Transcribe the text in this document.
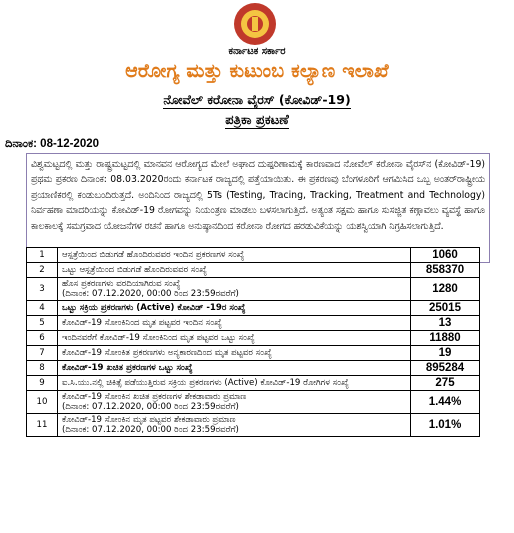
ಕರ್ನಾಟಕ ಸರ್ಕಾರ
ಆರೋಗ್ಯ ಮತ್ತು ಕುಟುಂಬ ಕಲ್ಯಾಣ ಇಲಾಖೆ
ನೋವೆಲ್ ಕರೋನಾ ವೈರಸ್ (ಕೋವಿಡ್-19)
ಪತ್ರಿಕಾ ಪ್ರಕಟಣೆ
ದಿನಾಂಕ: 08-12-2020
ವಿಶ್ವಮಟ್ಟದಲ್ಲಿ ಮತ್ತು ರಾಷ್ಟ್ರಮಟ್ಟದಲ್ಲಿ ಮಾನವನ ಆರೋಗ್ಯದ ಮೇಲೆ ಅಘಾದ ದುಷ್ಪರಿಣಾಮಕ್ಕೆ ಕಾರಣವಾದ ನೋವೆಲ್ ಕರೋನಾ ವೈರಸ್‌ನ (ಕೋವಿಡ್-19) ಪ್ರಥಮ ಪ್ರಕರಣ ದಿನಾಂಕ: 08.03.2020ರಂದು ಕರ್ನಾಟಕ ರಾಜ್ಯದಲ್ಲಿ ಪತ್ತೆಯಾಯಿತು. ಈ ಪ್ರಕರಣವು ಬೆಂಗಳೂರಿಗೆ ಆಗಮಿಸಿದ ಒಬ್ಬ ಅಂತರ್‌ರಾಷ್ಟ್ರೀಯ ಪ್ರಯಾಣಿಕರಲ್ಲಿ ಕಂಡುಬಂದಿರುತ್ತದೆ. ಅಂದಿನಿಂದ ರಾಜ್ಯದಲ್ಲಿ 5Ts (Testing, Tracing, Tracking, Treatment and Technology) ನಿರ್ವಹಣಾ ಮಾದರಿಯನ್ನು ಕೋವಿಡ್-19 ರೋಗವನ್ನು ನಿಯಂತ್ರಣ ಮಾಡಲು ಬಳಸಲಾಗುತ್ತಿದೆ. ಅತ್ಯಂತ ಸಕ್ಷಮ ಹಾಗೂ ಸುಸಜ್ಜಿತ ಕಣ್ಗಾವಲು ವ್ಯವಸ್ಥೆ ಹಾಗೂ ಕಾಲಕಾಲಕ್ಕೆ ಸಮಗ್ರವಾದ ಯೋಜನೆಗಳ ರಚನೆ ಹಾಗೂ ಅನುಷ್ಠಾನದಿಂದ ಕರೋನಾ ರೋಗದ ಹರಡುವಿಕೆಯನ್ನು ಯಶಸ್ವಿಯಾಗಿ ನಿಗ್ರಹಿಸಲಾಗುತ್ತಿದೆ.
1	ಆಸ್ಪತ್ರೆಯಿಂದ ಬಿಡುಗಡೆ ಹೊಂದಿರುವವರ ಇಂದಿನ ಪ್ರಕರಣಗಳ ಸಂಖ್ಯೆ	1060
2	ಒಟ್ಟು ಆಸ್ಪತ್ರೆಯಿಂದ ಬಿಡುಗಡೆ ಹೊಂದಿರುವವರ ಸಂಖ್ಯೆ	858370
3	ಹೊಸ ಪ್ರಕರಣಗಳು ವರದಿಯಾಗಿರುವ ಸಂಖ್ಯೆ
(ದಿನಾಂಕ: 07.12.2020, 00:00 ರಿಂದ 23:59ರವರೆಗೆ)	1280
4	ಒಟ್ಟು ಸಕ್ರಿಯ ಪ್ರಕರಣಗಳು (Active) ಕೋವಿಡ್ -19ರ ಸಂಖ್ಯೆ	25015
5	ಕೋವಿಡ್-19 ಸೋಂಕಿನಿಂದ ಮೃತ ಪಟ್ಟವರ ಇಂದಿನ ಸಂಖ್ಯೆ	13
6	ಇಂದಿನವರೆಗೆ ಕೋವಿಡ್-19 ಸೋಂಕಿನಿಂದ ಮೃತ ಪಟ್ಟವರ ಒಟ್ಟು ಸಂಖ್ಯೆ	11880
7	ಕೋವಿಡ್-19 ಸೋಂಕಿತ ಪ್ರಕರಣಗಳು ಅನ್ಯಕಾರಣದಿಂದ ಮೃತ ಪಟ್ಟವರ ಸಂಖ್ಯೆ	19
8	ಕೋವಿಡ್-19 ಖಚಿತ ಪ್ರಕರಣಗಳ ಒಟ್ಟು ಸಂಖ್ಯೆ	895284
9	ಐ.ಸಿ.ಯು.ನಲ್ಲಿ ಚಿಕಿತ್ಸೆ ಪಡೆಯುತ್ತಿರುವ ಸಕ್ರಿಯ ಪ್ರಕರಣಗಳು (Active) ಕೋವಿಡ್-19 ರೋಗಿಗಳ ಸಂಖ್ಯೆ	275
10	ಕೋವಿಡ್-19 ಸೋಂಕಿನ ಖಚಿತ ಪ್ರಕರಣಗಳ ಶೇಕಡಾವಾರು ಪ್ರಮಾಣ
(ದಿನಾಂಕ: 07.12.2020, 00:00 ರಿಂದ 23:59ರವರೆಗೆ)	1.44%
11	ಕೋವಿಡ್-19 ಸೋಂಕಿನ ಮೃತ ಪಟ್ಟವರ ಶೇಕಡಾವಾರು ಪ್ರಮಾಣ
(ದಿನಾಂಕ: 07.12.2020, 00:00 ರಿಂದ 23:59ರವರೆಗೆ)	1.01%
